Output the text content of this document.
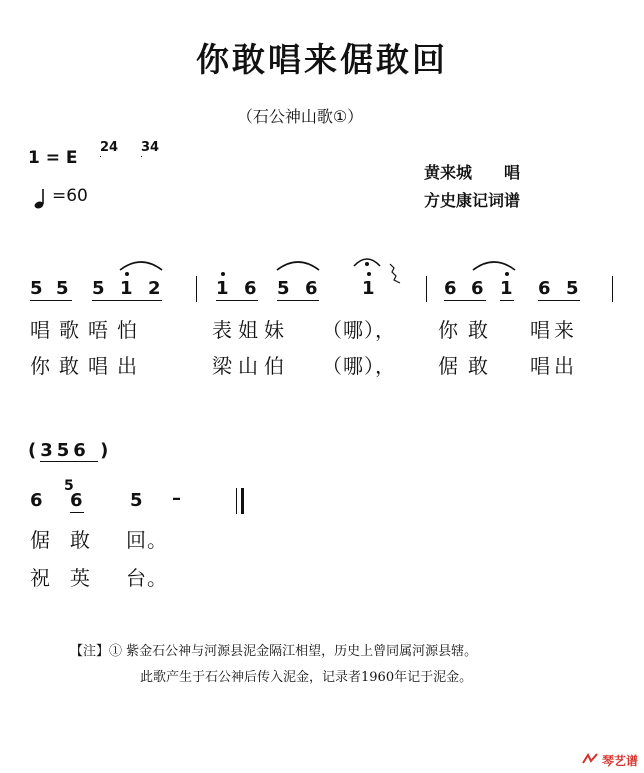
你敢唱来倨敢回
（石公神山歌①）
1 = E
2
4 3
4
=60
黄来城　　唱
方史康记词谱
5 5 5 1 2	1 6 5 6 1	6 6 1 6 5
唱歌唔怕	表姐妹 （哪）， 你敢 唱来
你敢唱出	梁山伯 （哪）， 倨敢 唱出
(356 )
6
5
6	5 –
倨 敢 回。
祝 英 台。
【注】① 紫金石公神与河源县泥金隔江相望，历史上曾同属河源县辖。
此歌产生于石公神后传入泥金，记录者1960年记于泥金。
琴艺谱
